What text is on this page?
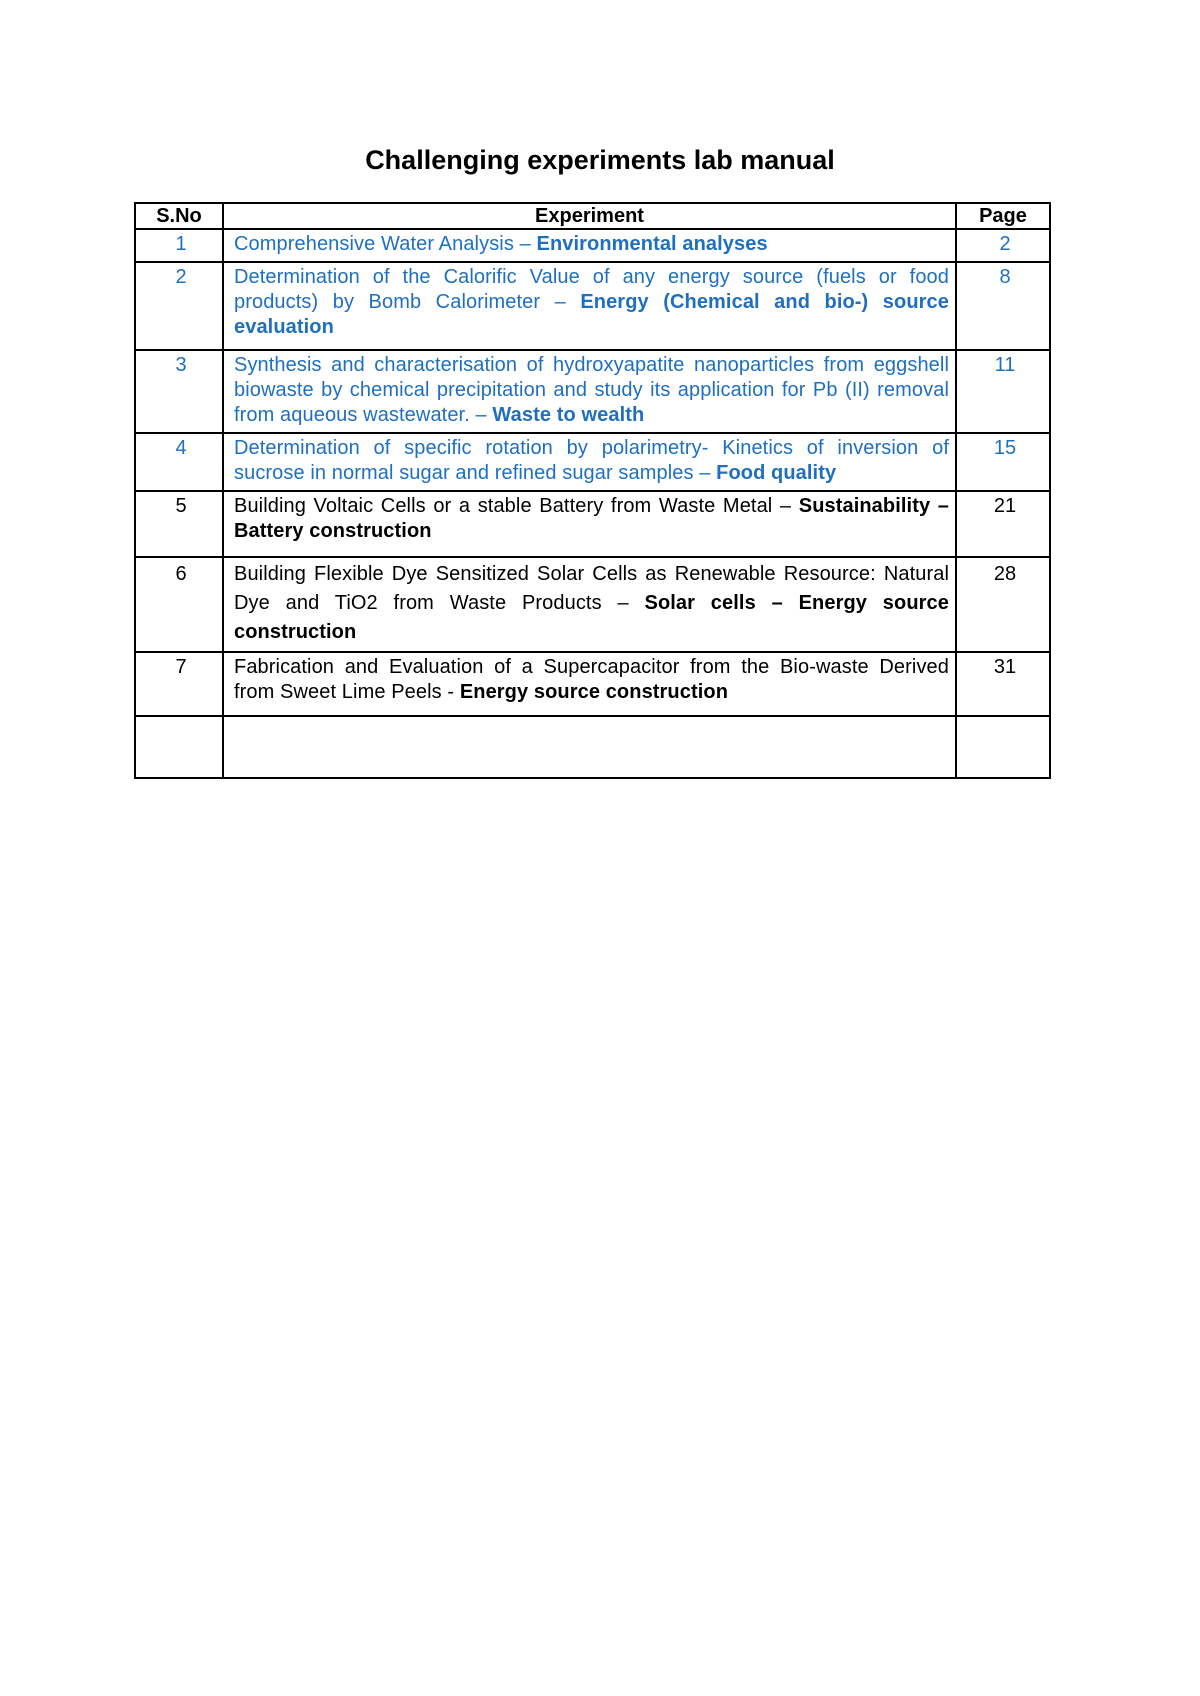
Challenging experiments lab manual
S.No	Experiment	Page
1	Comprehensive Water Analysis – Environmental analyses	2
2	Determination of the Calorific Value of any energy source (fuels or food products) by Bomb Calorimeter – Energy (Chemical and bio-) source evaluation	8
3	Synthesis and characterisation of hydroxyapatite nanoparticles from eggshell biowaste by chemical precipitation and study its application for Pb (II) removal from aqueous wastewater. – Waste to wealth	11
4	Determination of specific rotation by polarimetry- Kinetics of inversion of sucrose in normal sugar and refined sugar samples – Food quality	15
5	Building Voltaic Cells or a stable Battery from Waste Metal – Sustainability – Battery construction	21
6	Building Flexible Dye Sensitized Solar Cells as Renewable Resource: Natural Dye and TiO2 from Waste Products – Solar cells – Energy source construction	28
7	Fabrication and Evaluation of a Supercapacitor from the Bio-waste Derived from Sweet Lime Peels - Energy source construction	31
